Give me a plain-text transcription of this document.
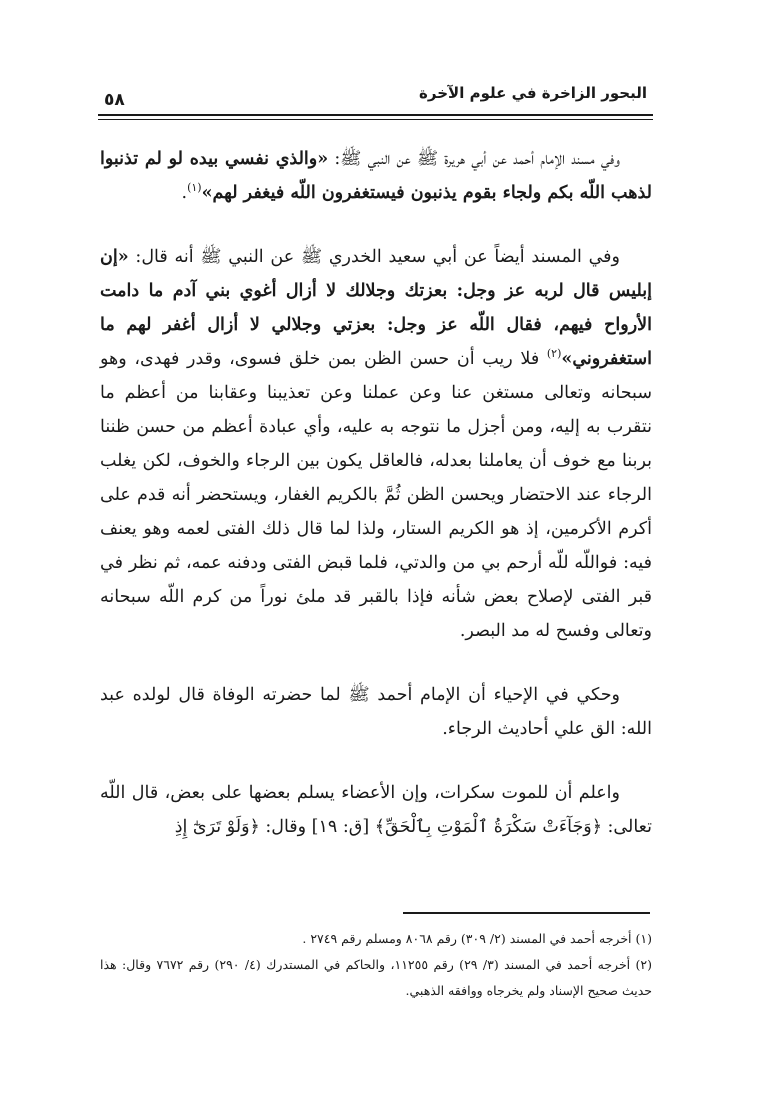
البحور الزاخرة في علوم الآخرة
٥٨

وفي مسند الإمام أحمد عن أبي هريرة ﷺ عن النبي ﷺ: «والذي نفسي بيده لو لم تذنبوا لذهب اللّه بكم ولجاء بقوم يذنبون فيستغفرون اللّه فيغفر لهم»$^{(١)}$.

وفي المسند أيضاً عن أبي سعيد الخدري ﷺ عن النبي ﷺ أنه قال: «إن إبليس قال لربه عز وجل: بعزتك وجلالك لا أزال أغوي بني آدم ما دامت الأرواح فيهم، فقال اللّه عز وجل: بعزتي وجلالي لا أزال أغفر لهم ما استغفروني»$^{(٢)}$ فلا ريب أن حسن الظن بمن خلق فسوى، وقدر فهدى، وهو سبحانه وتعالى مستغن عنا وعن عملنا وعن تعذيبنا وعقابنا من أعظم ما نتقرب به إليه، ومن أجزل ما نتوجه به عليه، وأي عبادة أعظم من حسن ظننا بربنا مع خوف أن يعاملنا بعدله، فالعاقل يكون بين الرجاء والخوف، لكن يغلب الرجاء عند الاحتضار ويحسن الظن ثُمَّ بالكريم الغفار، ويستحضر أنه قدم على أكرم الأكرمين، إذ هو الكريم الستار، ولذا لما قال ذلك الفتى لعمه وهو يعنف فيه: فواللّه للّه أرحم بي من والدتي، فلما قبض الفتى ودفنه عمه، ثم نظر في قبر الفتى لإصلاح بعض شأنه فإذا بالقبر قد ملئ نوراً من كرم اللّه سبحانه وتعالى وفسح له مد البصر.

وحكي في الإحياء أن الإمام أحمد ﷺ لما حضرته الوفاة قال لولده عبد الله: الق علي أحاديث الرجاء.

واعلم أن للموت سكرات، وإن الأعضاء يسلم بعضها على بعض، قال اللّه تعالى: ﴿وَجَآءَتْ سَكْرَةُ ٱلْمَوْتِ بِٱلْحَقِّ﴾ [ق: ١٩] وقال: ﴿وَلَوْ تَرَىٰٓ إِذِ

(١) أخرجه أحمد في المسند (٢/ ٣٠٩) رقم ٨٠٦٨ ومسلم رقم ٢٧٤٩ .

(٢) أخرجه أحمد في المسند (٣/ ٢٩) رقم ١١٢٥٥، والحاكم في المستدرك (٤/ ٢٩٠) رقم ٧٦٧٢ وقال: هذا حديث صحيح الإسناد ولم يخرجاه ووافقه الذهبي.
